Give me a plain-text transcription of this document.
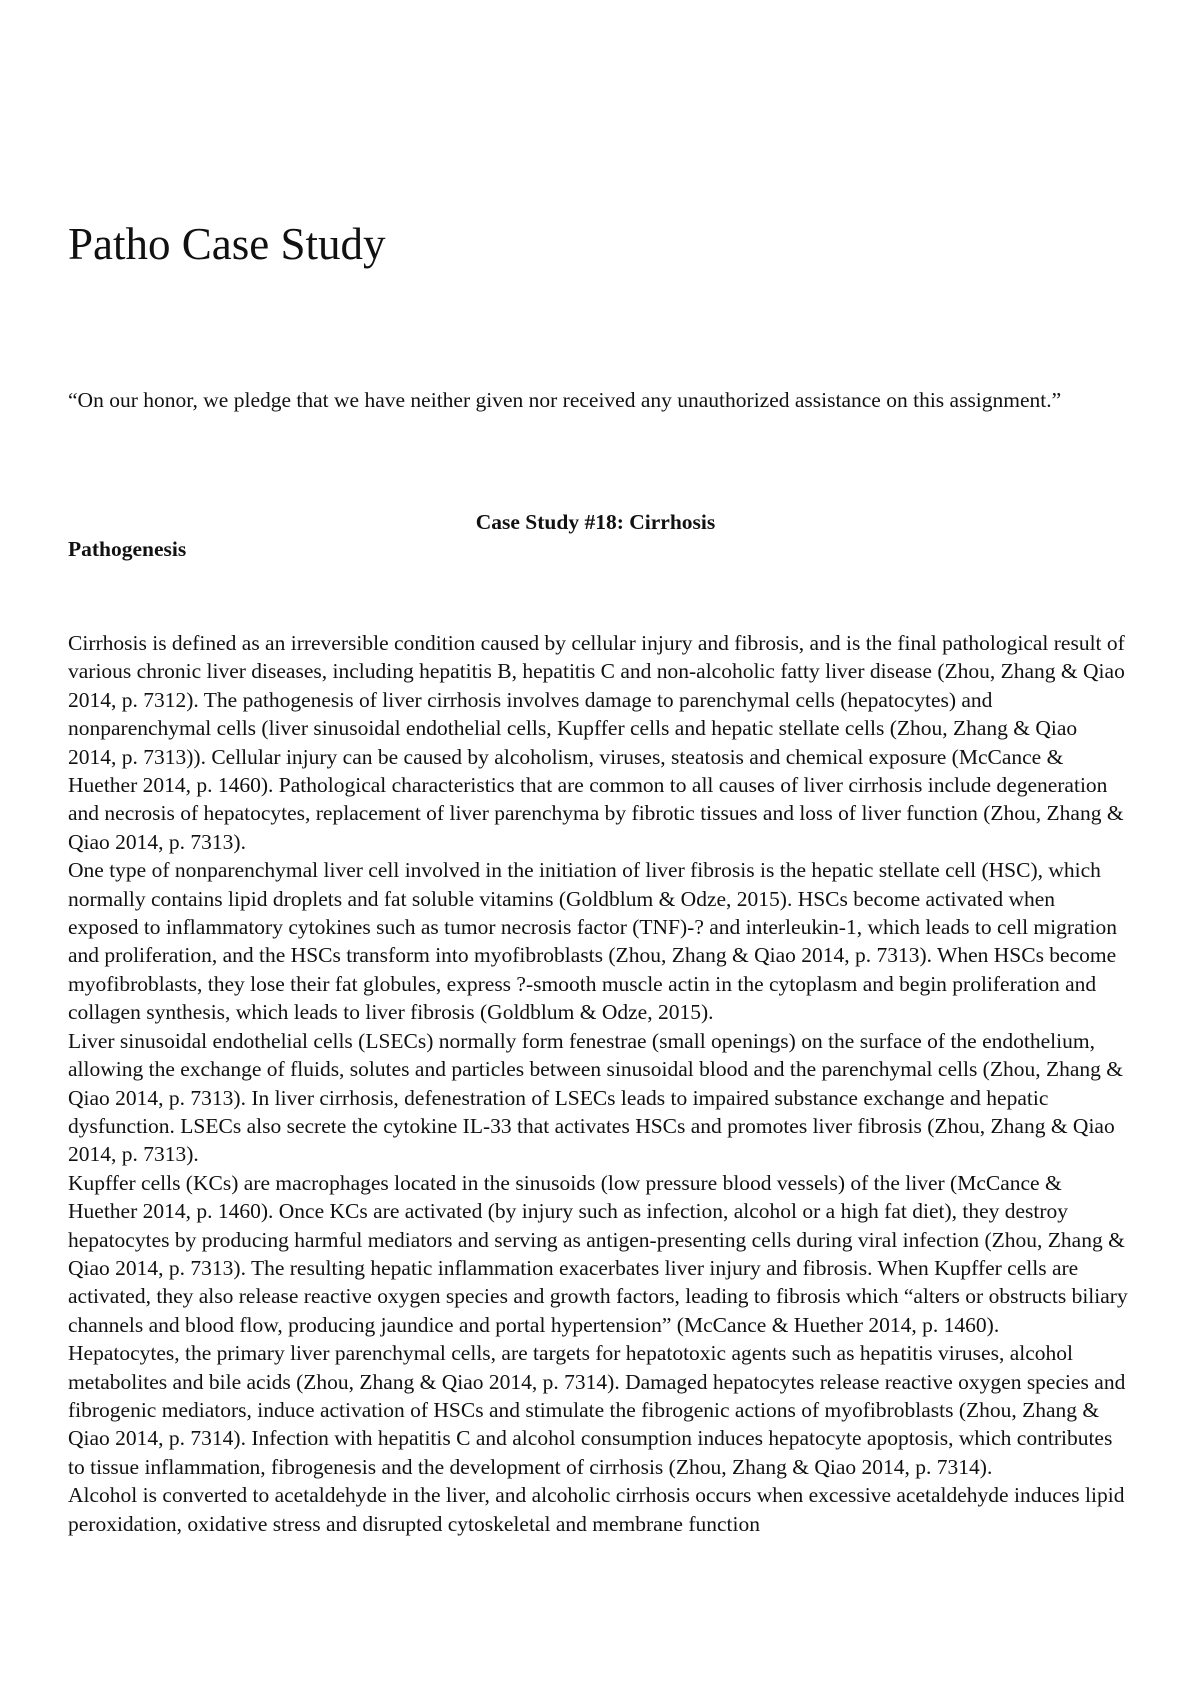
Patho Case Study

“On our honor, we pledge that we have neither given nor received any unauthorized assistance on this assignment.”

Case Study #18: Cirrhosis

Pathogenesis

Cirrhosis is defined as an irreversible condition caused by cellular injury and fibrosis, and is the final pathological result of various chronic liver diseases, including hepatitis B, hepatitis C and non-alcoholic fatty liver disease (Zhou, Zhang & Qiao 2014, p. 7312). The pathogenesis of liver cirrhosis involves damage to parenchymal cells (hepatocytes) and nonparenchymal cells (liver sinusoidal endothelial cells, Kupffer cells and hepatic stellate cells (Zhou, Zhang & Qiao 2014, p. 7313)). Cellular injury can be caused by alcoholism, viruses, steatosis and chemical exposure (McCance & Huether 2014, p. 1460). Pathological characteristics that are common to all causes of liver cirrhosis include degeneration and necrosis of hepatocytes, replacement of liver parenchyma by fibrotic tissues and loss of liver function (Zhou, Zhang & Qiao 2014, p. 7313).

One type of nonparenchymal liver cell involved in the initiation of liver fibrosis is the hepatic stellate cell (HSC), which normally contains lipid droplets and fat soluble vitamins (Goldblum & Odze, 2015). HSCs become activated when exposed to inflammatory cytokines such as tumor necrosis factor (TNF)-? and interleukin-1, which leads to cell migration and proliferation, and the HSCs transform into myofibroblasts (Zhou, Zhang & Qiao 2014, p. 7313). When HSCs become myofibroblasts, they lose their fat globules, express ?-smooth muscle actin in the cytoplasm and begin proliferation and collagen synthesis, which leads to liver fibrosis (Goldblum & Odze, 2015).

Liver sinusoidal endothelial cells (LSECs) normally form fenestrae (small openings) on the surface of the endothelium, allowing the exchange of fluids, solutes and particles between sinusoidal blood and the parenchymal cells (Zhou, Zhang & Qiao 2014, p. 7313). In liver cirrhosis, defenestration of LSECs leads to impaired substance exchange and hepatic dysfunction. LSECs also secrete the cytokine IL-33 that activates HSCs and promotes liver fibrosis (Zhou, Zhang & Qiao 2014, p. 7313).

Kupffer cells (KCs) are macrophages located in the sinusoids (low pressure blood vessels) of the liver (McCance & Huether 2014, p. 1460). Once KCs are activated (by injury such as infection, alcohol or a high fat diet), they destroy hepatocytes by producing harmful mediators and serving as antigen-presenting cells during viral infection (Zhou, Zhang & Qiao 2014, p. 7313). The resulting hepatic inflammation exacerbates liver injury and fibrosis. When Kupffer cells are activated, they also release reactive oxygen species and growth factors, leading to fibrosis which “alters or obstructs biliary channels and blood flow, producing jaundice and portal hypertension” (McCance & Huether 2014, p. 1460).

Hepatocytes, the primary liver parenchymal cells, are targets for hepatotoxic agents such as hepatitis viruses, alcohol metabolites and bile acids (Zhou, Zhang & Qiao 2014, p. 7314). Damaged hepatocytes release reactive oxygen species and fibrogenic mediators, induce activation of HSCs and stimulate the fibrogenic actions of myofibroblasts (Zhou, Zhang & Qiao 2014, p. 7314). Infection with hepatitis C and alcohol consumption induces hepatocyte apoptosis, which contributes to tissue inflammation, fibrogenesis and the development of cirrhosis (Zhou, Zhang & Qiao 2014, p. 7314).

Alcohol is converted to acetaldehyde in the liver, and alcoholic cirrhosis occurs when excessive acetaldehyde induces lipid peroxidation, oxidative stress and disrupted cytoskeletal and membrane function
